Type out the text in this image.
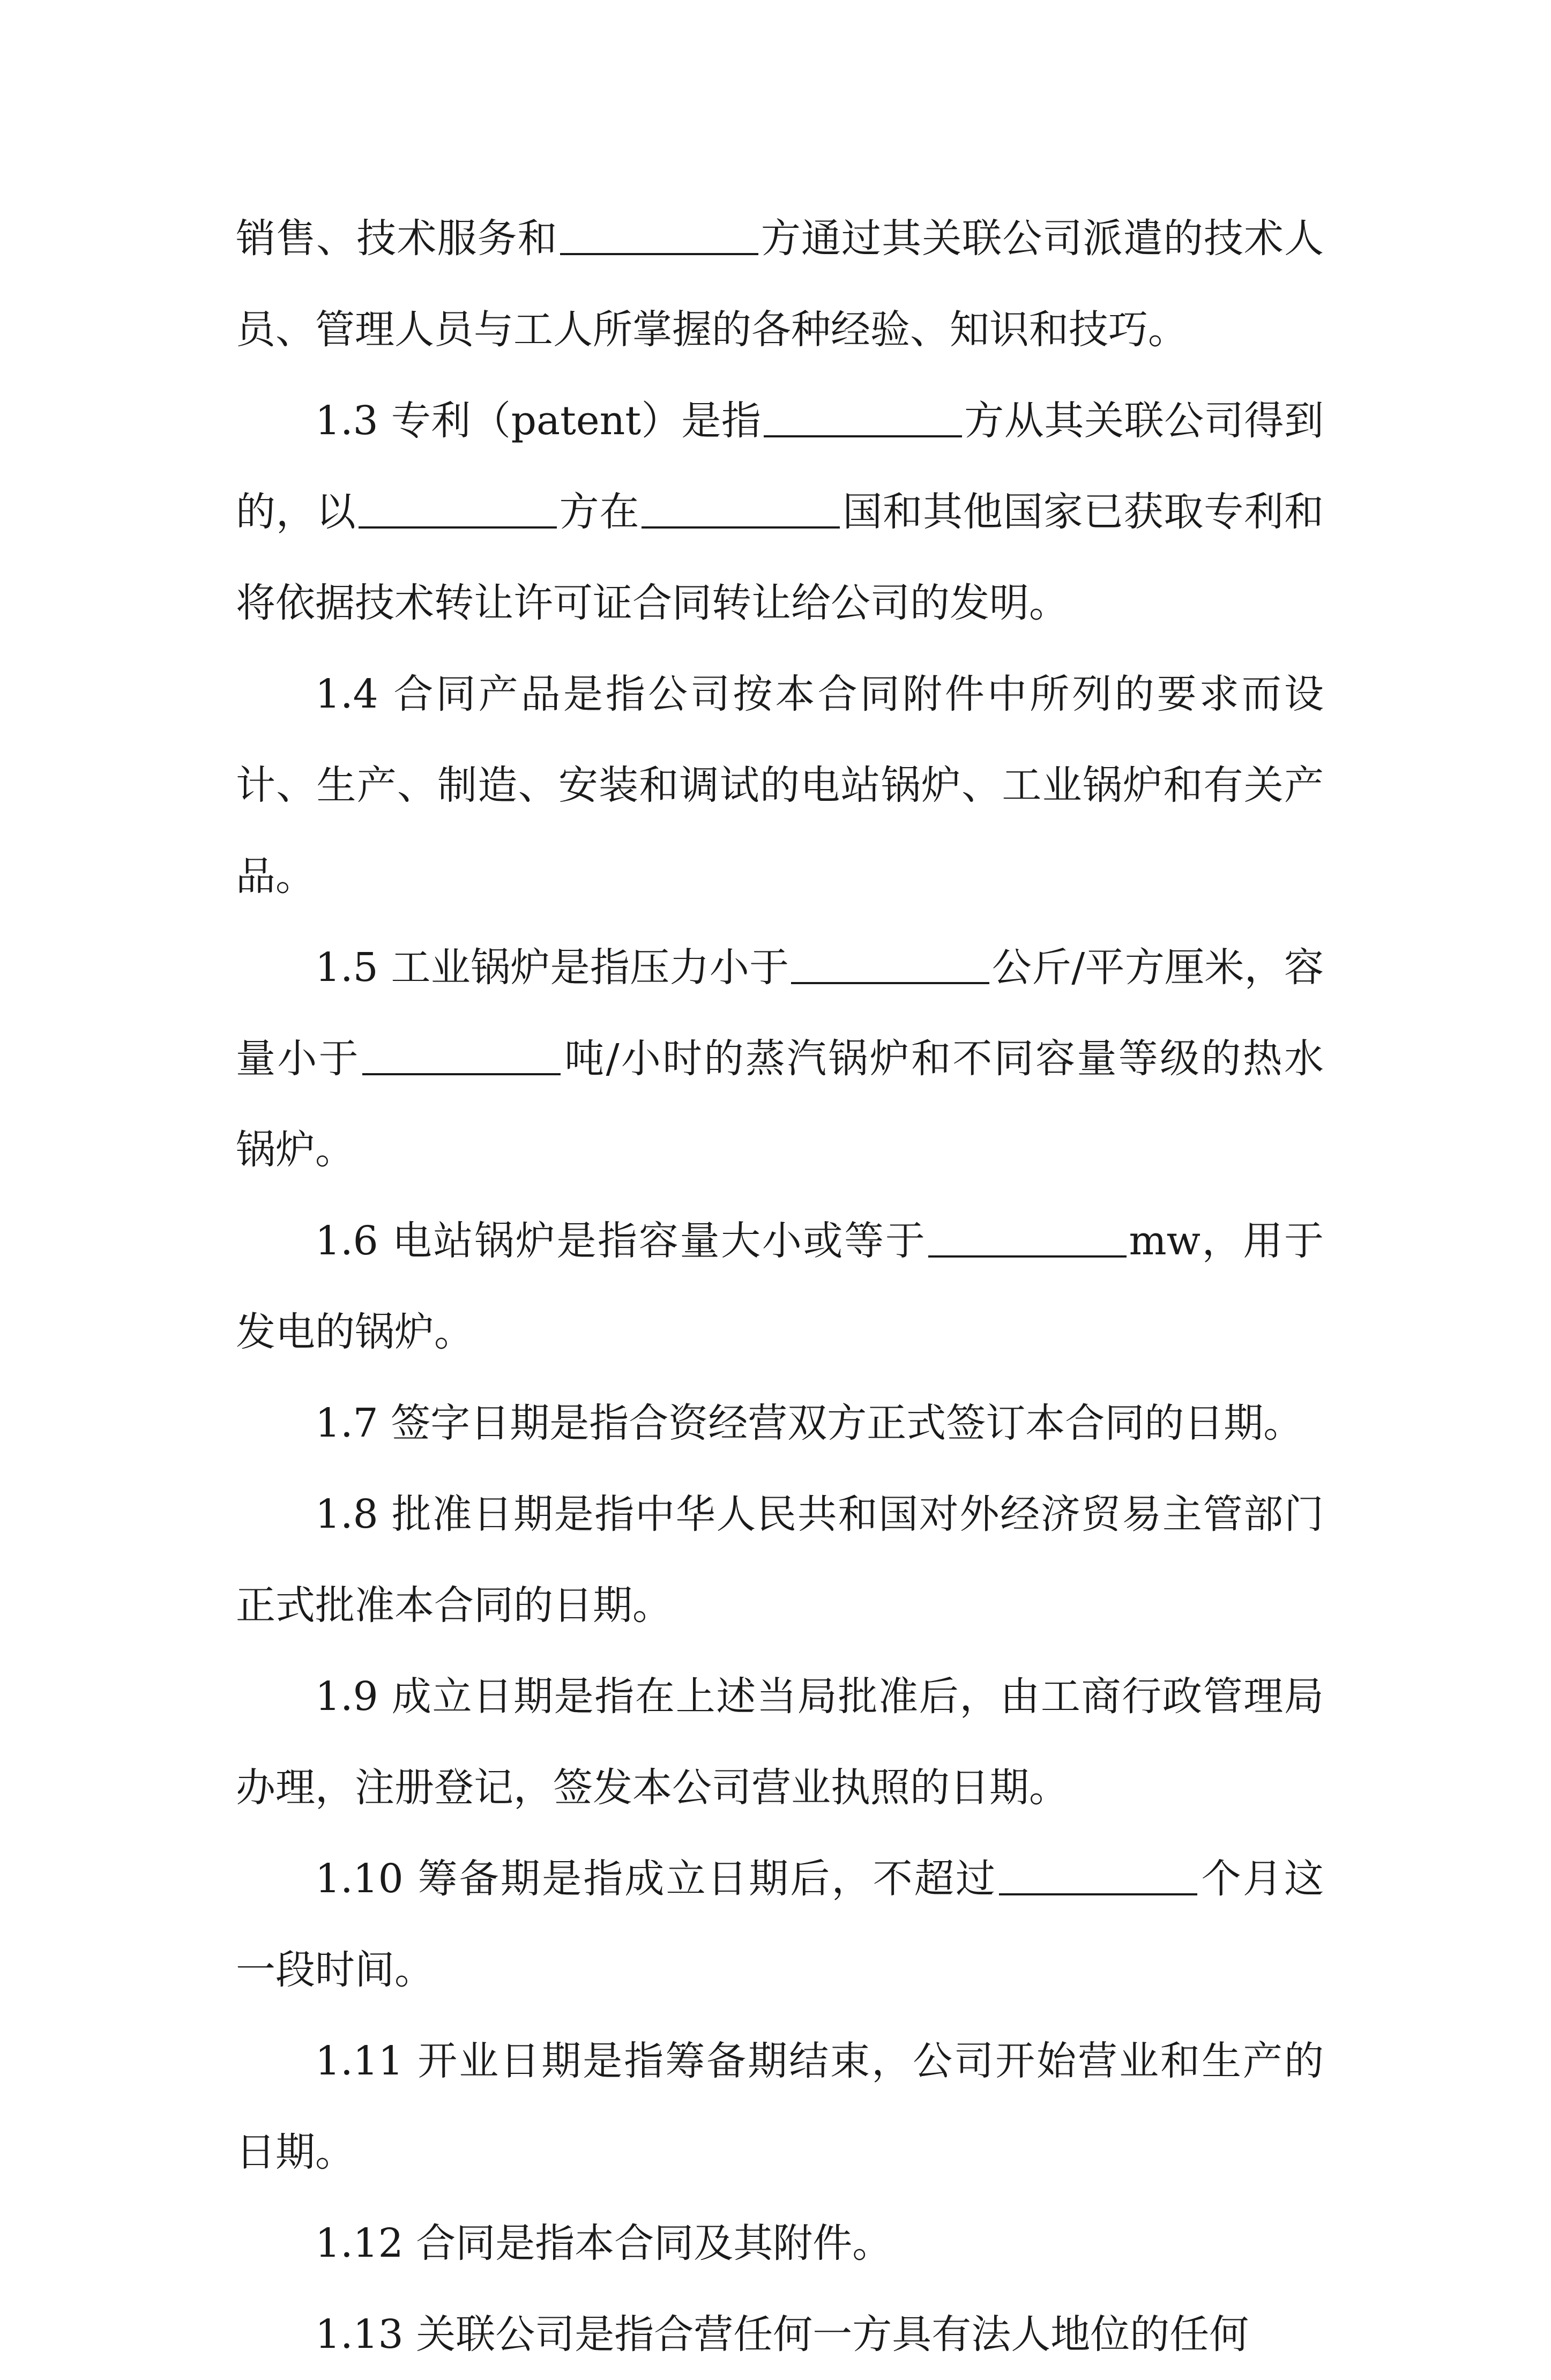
销售、技术服务和	方通过其关联公司派遣的技术人员、管理人员与工人所掌握的各种经验、知识和技巧。

1.3 专利（patent）是指	方从其关联公司得到的，以	方在	国和其他国家已获取专利和将依据技术转让许可证合同转让给公司的发明。

1.4 合同产品是指公司按本合同附件中所列的要求而设计、生产、制造、安装和调试的电站锅炉、工业锅炉和有关产品。

1.5 工业锅炉是指压力小于	公斤/平方厘米，容量小于	吨/小时的蒸汽锅炉和不同容量等级的热水锅炉。

1.6 电站锅炉是指容量大小或等于	mw，用于发电的锅炉。

1.7 签字日期是指合资经营双方正式签订本合同的日期。

1.8 批准日期是指中华人民共和国对外经济贸易主管部门正式批准本合同的日期。

1.9 成立日期是指在上述当局批准后，由工商行政管理局办理，注册登记，签发本公司营业执照的日期。

1.10 筹备期是指成立日期后，不超过	个月这一段时间。

1.11 开业日期是指筹备期结束，公司开始营业和生产的日期。

1.12 合同是指本合同及其附件。

1.13 关联公司是指合营任何一方具有法人地位的任何
